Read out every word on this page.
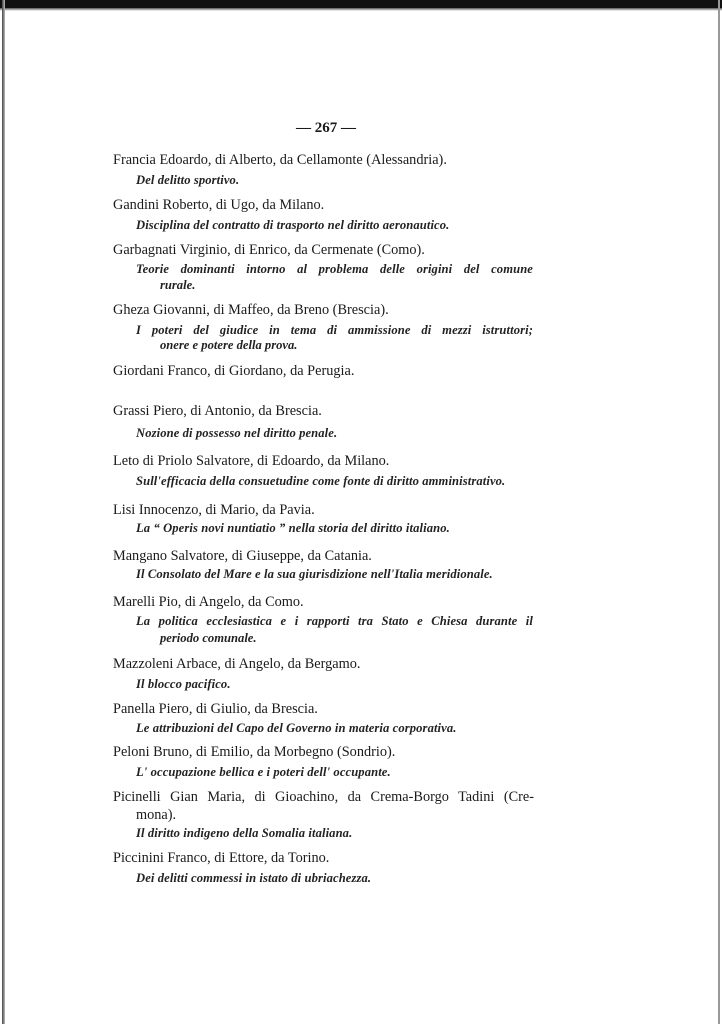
— 267 —
Francia Edoardo, di Alberto, da Cellamonte (Alessandria).
Del delitto sportivo.
Gandini Roberto, di Ugo, da Milano.
Disciplina del contratto di trasporto nel diritto aeronautico.
Garbagnati Virginio, di Enrico, da Cermenate (Como).
Teorie dominanti intorno al problema delle origini del comune
rurale.
Gheza Giovanni, di Maffeo, da Breno (Brescia).
I poteri del giudice in tema di ammissione di mezzi istruttori;
onere e potere della prova.
Giordani Franco, di Giordano, da Perugia.
Grassi Piero, di Antonio, da Brescia.
Nozione di possesso nel diritto penale.
Leto di Priolo Salvatore, di Edoardo, da Milano.
Sull'efficacia della consuetudine come fonte di diritto amministrativo.
Lisi Innocenzo, di Mario, da Pavia.
La “ Operis novi nuntiatio ” nella storia del diritto italiano.
Mangano Salvatore, di Giuseppe, da Catania.
Il Consolato del Mare e la sua giurisdizione nell'Italia meridionale.
Marelli Pio, di Angelo, da Como.
La politica ecclesiastica e i rapporti tra Stato e Chiesa durante il
periodo comunale.
Mazzoleni Arbace, di Angelo, da Bergamo.
Il blocco pacifico.
Panella Piero, di Giulio, da Brescia.
Le attribuzioni del Capo del Governo in materia corporativa.
Peloni Bruno, di Emilio, da Morbegno (Sondrio).
L' occupazione bellica e i poteri dell' occupante.
Picinelli Gian Maria, di Gioachino, da Crema-Borgo Tadini (Cre-
mona).
Il diritto indigeno della Somalia italiana.
Piccinini Franco, di Ettore, da Torino.
Dei delitti commessi in istato di ubriachezza.
